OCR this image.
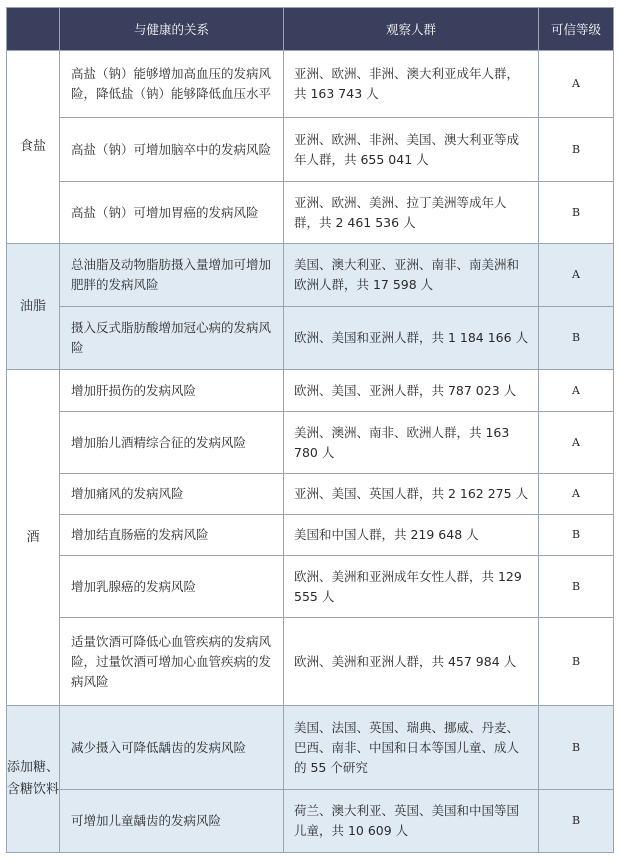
	与健康的关系	观察人群	可信等级
食盐	高盐（钠）能够增加高血压的发病风险，降低盐（钠）能够降低血压水平	亚洲、欧洲、非洲、澳大利亚成年人群，共 163 743 人	A
	高盐（钠）可增加脑卒中的发病风险	亚洲、欧洲、非洲、美国、澳大利亚等成年人群，共 655 041 人	B
	高盐（钠）可增加胃癌的发病风险	亚洲、欧洲、美洲、拉丁美洲等成年人群，共 2 461 536 人	B
油脂	总油脂及动物脂肪摄入量增加可增加肥胖的发病风险	美国、澳大利亚、亚洲、南非、南美洲和欧洲人群，共 17 598 人	A
	摄入反式脂肪酸增加冠心病的发病风险	欧洲、美国和亚洲人群，共 1 184 166 人	B
酒	增加肝损伤的发病风险	欧洲、美国、亚洲人群，共 787 023 人	A
	增加胎儿酒精综合征的发病风险	美洲、澳洲、南非、欧洲人群，共 163 780 人	A
	增加痛风的发病风险	亚洲、美国、英国人群，共 2 162 275 人	A
	增加结直肠癌的发病风险	美国和中国人群，共 219 648 人	B
	增加乳腺癌的发病风险	欧洲、美洲和亚洲成年女性人群，共 129 555 人	B
	适量饮酒可降低心血管疾病的发病风险，过量饮酒可增加心血管疾病的发病风险	欧洲、美洲和亚洲人群，共 457 984 人	B
添加糖、含糖饮料	减少摄入可降低龋齿的发病风险	美国、法国、英国、瑞典、挪威、丹麦、巴西、南非、中国和日本等国儿童、成人的 55 个研究	B
	可增加儿童龋齿的发病风险	荷兰、澳大利亚、英国、美国和中国等国儿童，共 10 609 人	B
